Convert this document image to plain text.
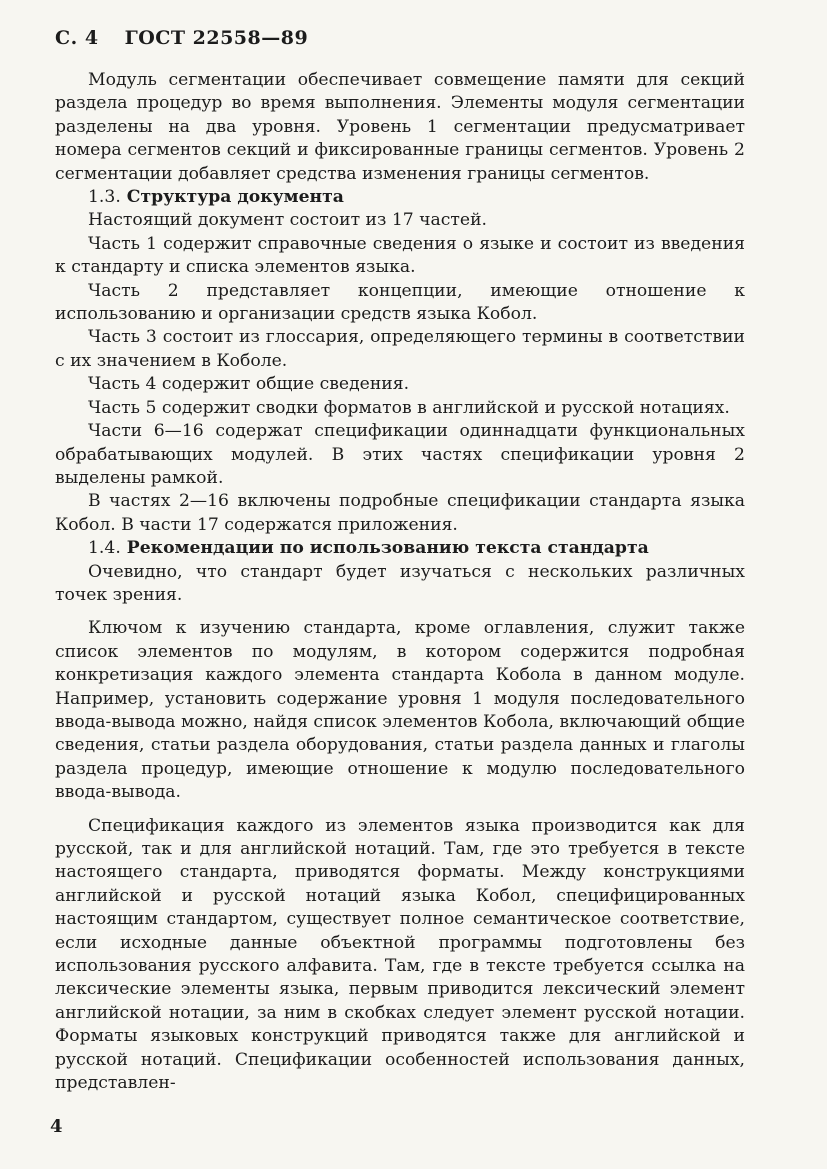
С. 4 ГОСТ 22558—89

Модуль сегментации обеспечивает совмещение памяти для секций раздела процедур во время выполнения. Элементы модуля сегментации разделены на два уровня. Уровень 1 сегментации предусматривает номера сегментов секций и фиксированные границы сегментов. Уровень 2 сегментации добавляет средства изменения границы сегментов.

1.3. Структура документа

Настоящий документ состоит из 17 частей.

Часть 1 содержит справочные сведения о языке и состоит из введения к стандарту и списка элементов языка.

Часть 2 представляет концепции, имеющие отношение к использованию и организации средств языка Кобол.

Часть 3 состоит из глоссария, определяющего термины в соответствии с их значением в Коболе.

Часть 4 содержит общие сведения.

Часть 5 содержит сводки форматов в английской и русской нотациях.

Части 6—16 содержат спецификации одиннадцати функциональных обрабатывающих модулей. В этих частях спецификации уровня 2 выделены рамкой.

В частях 2—16 включены подробные спецификации стандарта языка Кобол. В части 17 содержатся приложения.

1.4. Рекомендации по использованию текста стандарта

Очевидно, что стандарт будет изучаться с нескольких различных точек зрения.

Ключом к изучению стандарта, кроме оглавления, служит также список элементов по модулям, в котором содержится подробная конкретизация каждого элемента стандарта Кобола в данном модуле. Например, установить содержание уровня 1 модуля последовательного ввода-вывода можно, найдя список элементов Кобола, включающий общие сведения, статьи раздела оборудования, статьи раздела данных и глаголы раздела процедур, имеющие отношение к модулю последовательного ввода-вывода.

Спецификация каждого из элементов языка производится как для русской, так и для английской нотаций. Там, где это требуется в тексте настоящего стандарта, приводятся форматы. Между конструкциями английской и русской нотаций языка Кобол, специфицированных настоящим стандартом, существует полное семантическое соответствие, если исходные данные объектной программы подготовлены без использования русского алфавита. Там, где в тексте требуется ссылка на лексические элементы языка, первым приводится лексический элемент английской нотации, за ним в скобках следует элемент русской нотации. Форматы языковых конструкций приводятся также для английской и русской нотаций. Спецификации особенностей использования данных, представлен-

4
